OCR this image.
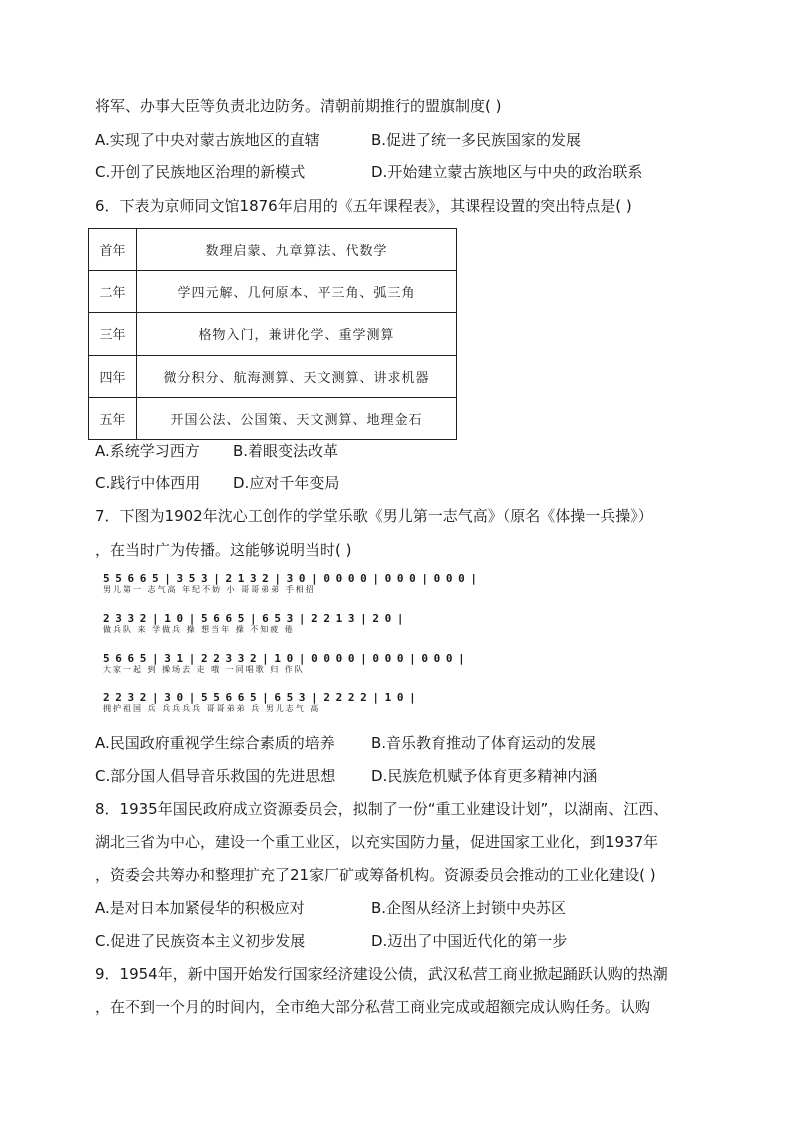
将军、办事大臣等负责北边防务。清朝前期推行的盟旗制度( )
A.实现了中央对蒙古族地区的直辖	B.促进了统一多民族国家的发展
C.开创了民族地区治理的新模式	D.开始建立蒙古族地区与中央的政治联系
6．下表为京师同文馆1876年启用的《五年课程表》，其课程设置的突出特点是( )
首年	数理启蒙、九章算法、代数学
二年	学四元解、几何原本、平三角、弧三角
三年	格物入门，兼讲化学、重学测算
四年	微分积分、航海测算、天文测算、讲求机器
五年	开国公法、公国策、天文测算、地理金石
A.系统学习西方 B.着眼变法改革
C.践行中体西用 D.应对千年变局
7．下图为1902年沈心工创作的学堂乐歌《男儿第一志气高》（原名《体操一兵操》）
，在当时广为传播。这能够说明当时( )
5 5 6 6 5 | 3 5 3 | 2 1 3 2 | 3 0 | 0 0 0 0 | 0 0 0 | 0 0 0 |
男儿第一 志气高 年纪不妨 小 哥哥弟弟 手相招
2 3 3 2 | 1 0 | 5 6 6 5 | 6 5 3 | 2 2 1 3 | 2 0 |
做兵队 来 学做兵 操 想当年 操 不知疲 倦
5 6 6 5 | 3 1 | 2 2 3 3 2 | 1 0 | 0 0 0 0 | 0 0 0 | 0 0 0 |
大家一起 到 操场去 走 哦 一同唱歌 归 作队
2 2 3 2 | 3 0 | 5 5 6 6 5 | 6 5 3 | 2 2 2 2 | 1 0 |
拥护祖国 兵 兵兵兵兵 哥哥弟弟 兵 男儿志气 高
A.民国政府重视学生综合素质的培养 B.音乐教育推动了体育运动的发展
C.部分国人倡导音乐救国的先进思想 D.民族危机赋予体育更多精神内涵
8．1935年国民政府成立资源委员会，拟制了一份“重工业建设计划”，以湖南、江西、
湖北三省为中心，建设一个重工业区，以充实国防力量，促进国家工业化，到1937年
，资委会共筹办和整理扩充了21家厂矿或筹备机构。资源委员会推动的工业化建设( )
A.是对日本加紧侵华的积极应对	B.企图从经济上封锁中央苏区
C.促进了民族资本主义初步发展	D.迈出了中国近代化的第一步
9．1954年，新中国开始发行国家经济建设公债，武汉私营工商业掀起踊跃认购的热潮
，在不到一个月的时间内，全市绝大部分私营工商业完成或超额完成认购任务。认购
